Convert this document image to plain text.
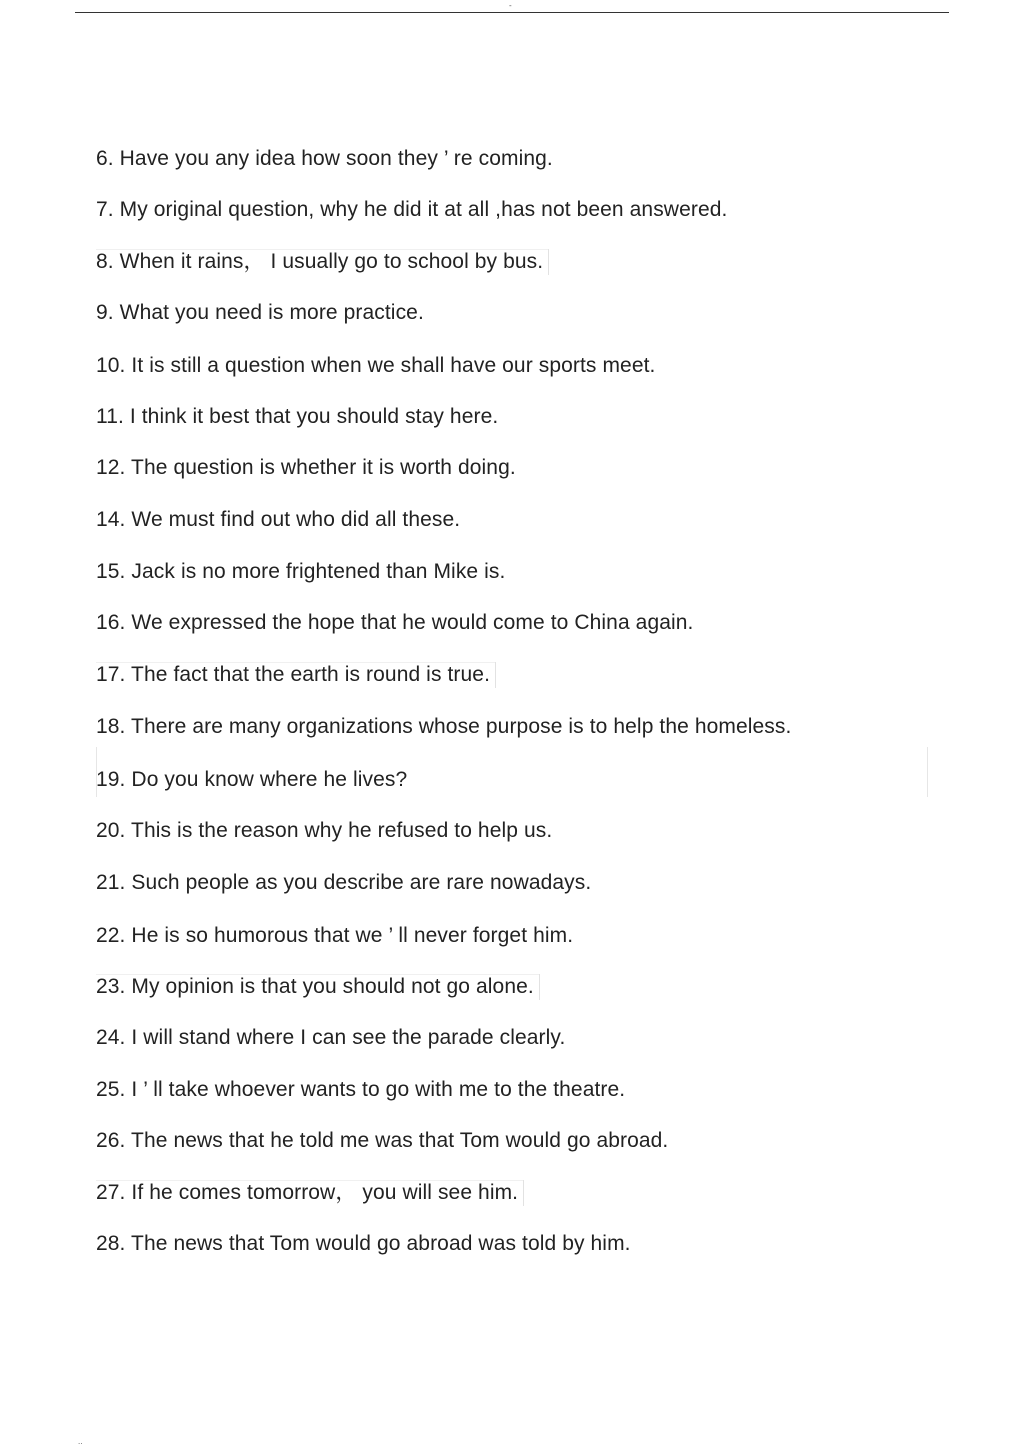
-
6. Have you any idea how soon they ’ re coming.
7. My original question, why he did it at all ,has not been answered.
8. When it rains， I usually go to school by bus.
9. What you need is more practice.
10. It is still a question when we shall have our sports meet.
11. I think it best that you should stay here.
12. The question is whether it is worth doing.
14. We must find out who did all these.
15. Jack is no more frightened than Mike is.
16. We expressed the hope that he would come to China again.
17. The fact that the earth is round is true.
18. There are many organizations whose purpose is to help the homeless.
19. Do you know where he lives?
20. This is the reason why he refused to help us.
21. Such people as you describe are rare nowadays.
22. He is so humorous that we ’ ll never forget him.
23. My opinion is that you should not go alone.
24. I will stand where I can see the parade clearly.
25. I ’ ll take whoever wants to go with me to the theatre.
26. The news that he told me was that Tom would go abroad.
27. If he comes tomorrow， you will see him.
28. The news that Tom would go abroad was told by him.
..
